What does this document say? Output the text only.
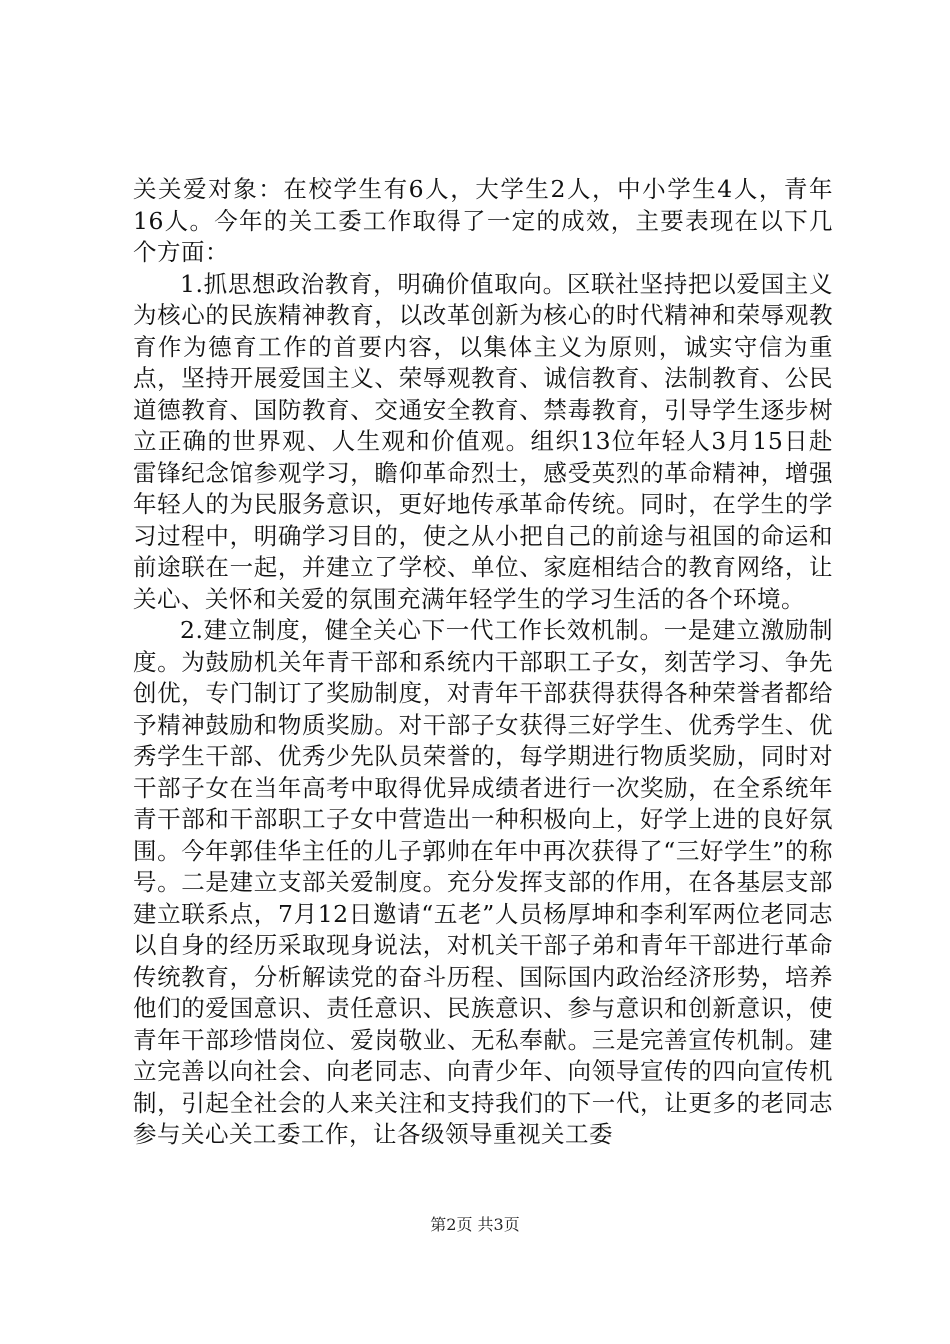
关关爱对象：在校学生有6人，大学生2人，中小学生4人，青年16人。今年的关工委工作取得了一定的成效，主要表现在以下几个方面：

1.抓思想政治教育，明确价值取向。区联社坚持把以爱国主义为核心的民族精神教育，以改革创新为核心的时代精神和荣辱观教育作为德育工作的首要内容，以集体主义为原则，诚实守信为重点，坚持开展爱国主义、荣辱观教育、诚信教育、法制教育、公民道德教育、国防教育、交通安全教育、禁毒教育，引导学生逐步树立正确的世界观、人生观和价值观。组织13位年轻人3月15日赴雷锋纪念馆参观学习，瞻仰革命烈士，感受英烈的革命精神，增强年轻人的为民服务意识，更好地传承革命传统。同时，在学生的学习过程中，明确学习目的，使之从小把自己的前途与祖国的命运和前途联在一起，并建立了学校、单位、家庭相结合的教育网络，让关心、关怀和关爱的氛围充满年轻学生的学习生活的各个环境。

2.建立制度，健全关心下一代工作长效机制。一是建立激励制度。为鼓励机关年青干部和系统内干部职工子女，刻苦学习、争先创优，专门制订了奖励制度，对青年干部获得获得各种荣誉者都给予精神鼓励和物质奖励。对干部子女获得三好学生、优秀学生、优秀学生干部、优秀少先队员荣誉的，每学期进行物质奖励，同时对干部子女在当年高考中取得优异成绩者进行一次奖励，在全系统年青干部和干部职工子女中营造出一种积极向上，好学上进的良好氛围。今年郭佳华主任的儿子郭帅在年中再次获得了“三好学生”的称号。二是建立支部关爱制度。充分发挥支部的作用，在各基层支部建立联系点，7月12日邀请“五老”人员杨厚坤和李利军两位老同志以自身的经历采取现身说法，对机关干部子弟和青年干部进行革命传统教育，分析解读党的奋斗历程、国际国内政治经济形势，培养他们的爱国意识、责任意识、民族意识、参与意识和创新意识，使青年干部珍惜岗位、爱岗敬业、无私奉献。三是完善宣传机制。建立完善以向社会、向老同志、向青少年、向领导宣传的四向宣传机制，引起全社会的人来关注和支持我们的下一代，让更多的老同志参与关心关工委工作，让各级领导重视关工委

第2页 共3页
